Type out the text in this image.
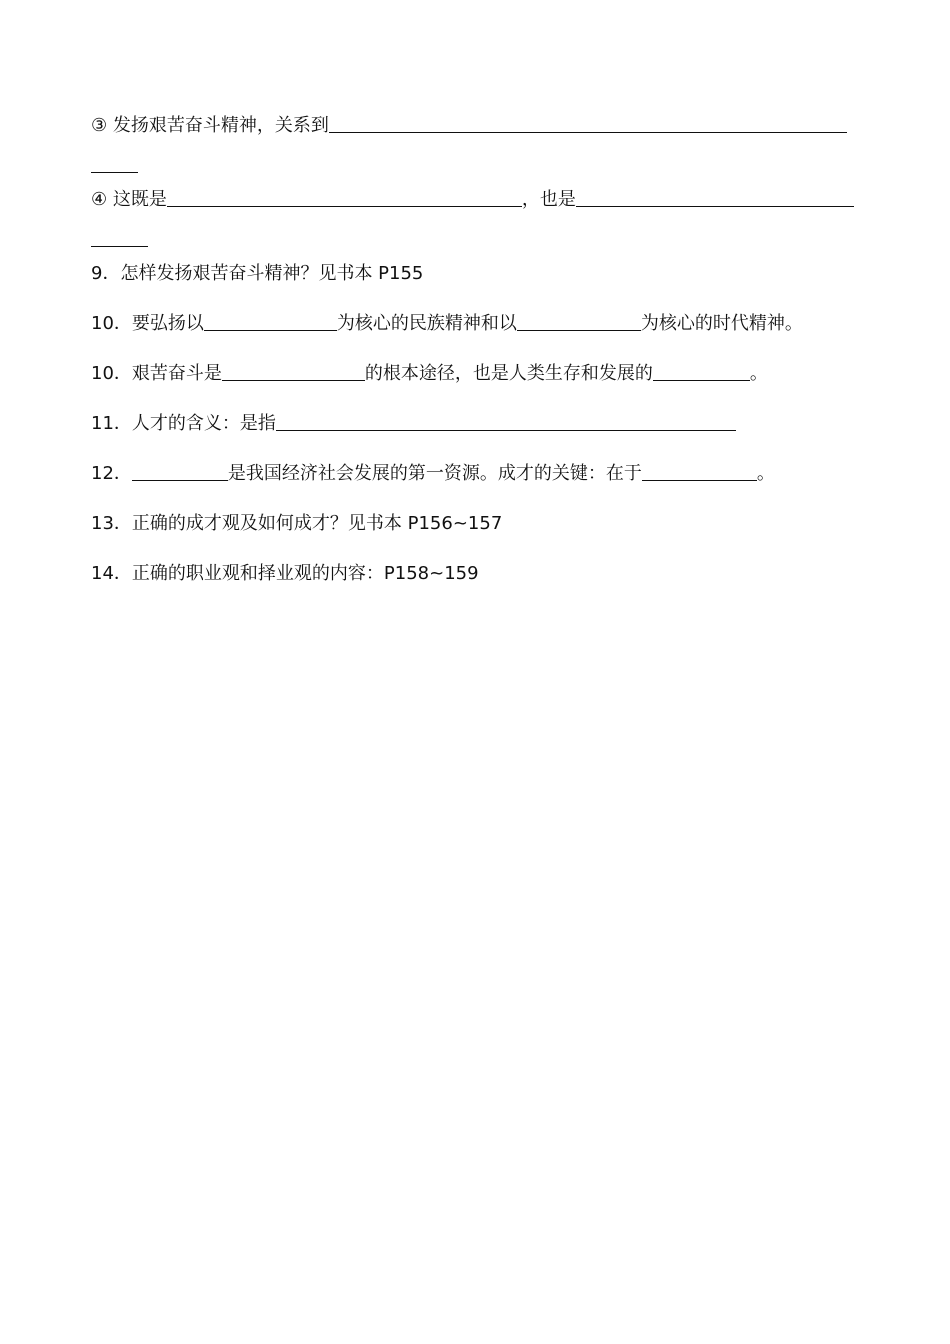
③ 发扬艰苦奋斗精神，关系到
④ 这既是	，也是
9．怎样发扬艰苦奋斗精神？见书本 P155
10．要弘扬以	为核心的民族精神和以	为核心的时代精神。
10．艰苦奋斗是	的根本途径，也是人类生存和发展的	。
11．人才的含义：是指
12．	是我国经济社会发展的第一资源。成才的关键：在于	。
13．正确的成才观及如何成才？见书本 P156~157
14．正确的职业观和择业观的内容：P158~159
